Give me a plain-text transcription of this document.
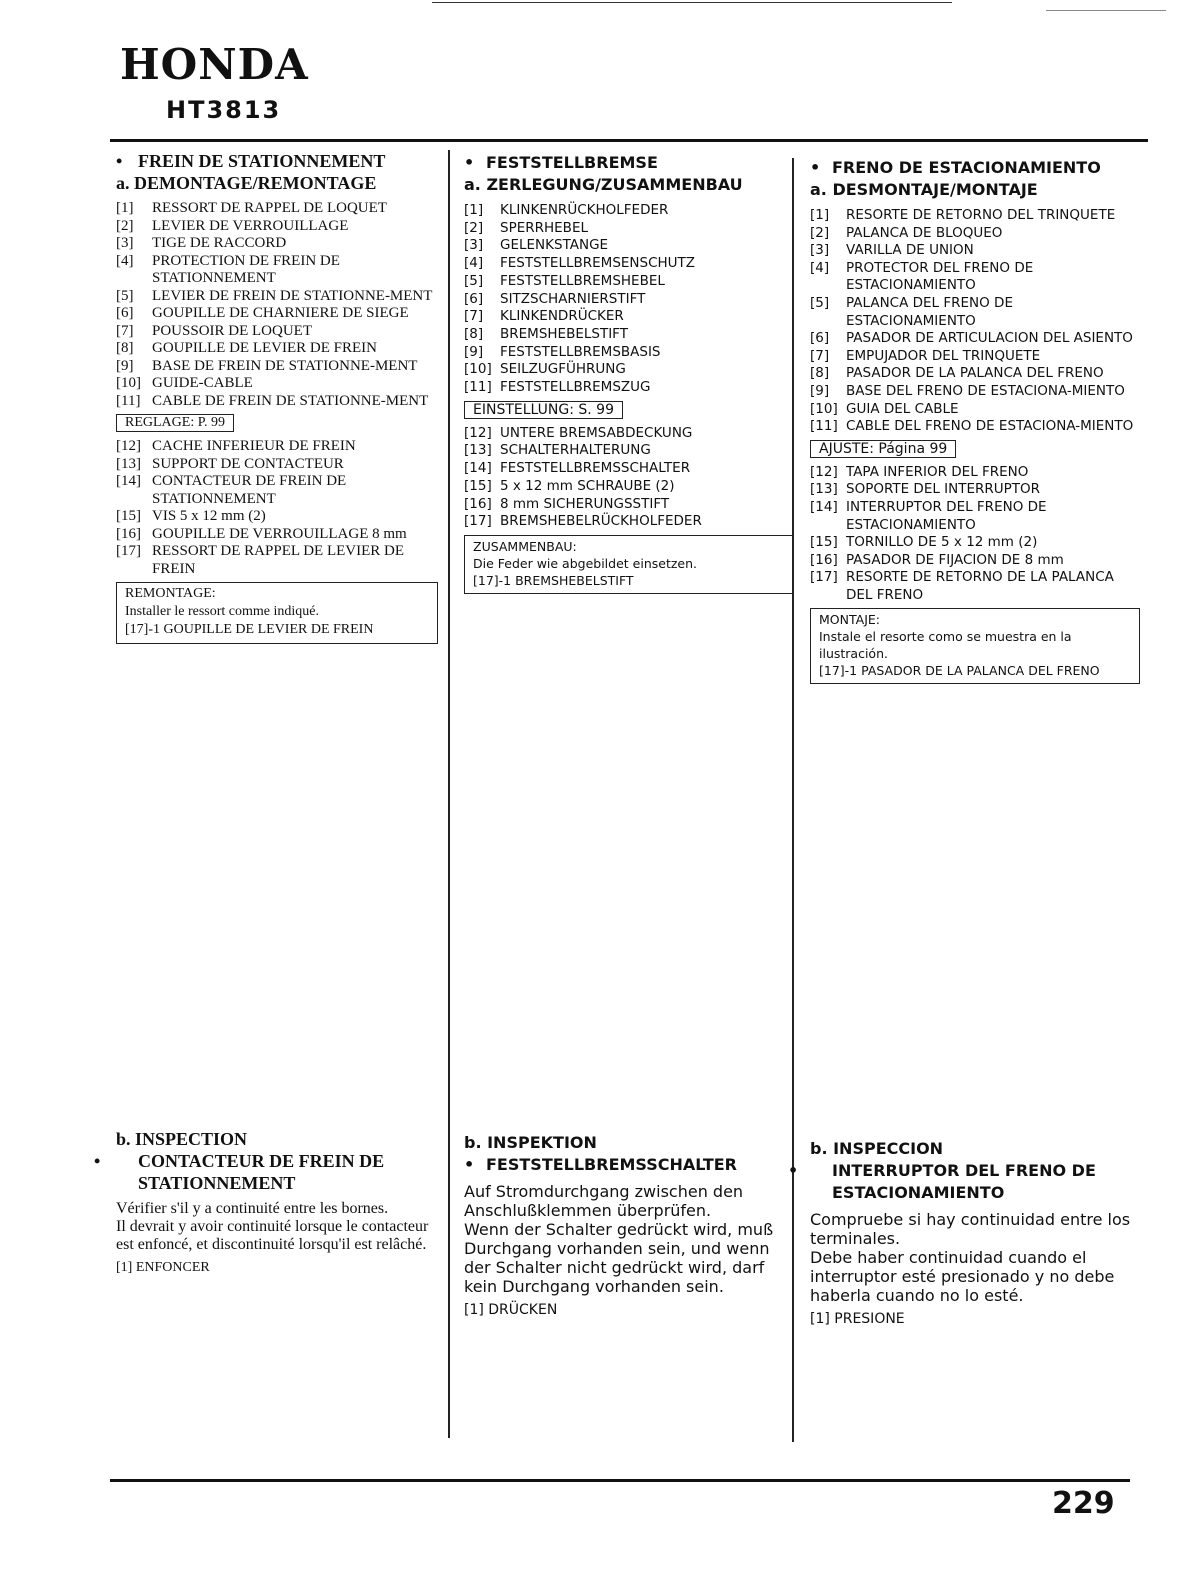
HONDA
HT3813

• FREIN DE STATIONNEMENT

a. DEMONTAGE/REMONTAGE

[1] RESSORT DE RAPPEL DE LOQUET
[2] LEVIER DE VERROUILLAGE
[3] TIGE DE RACCORD
[4] PROTECTION DE FREIN DE STATIONNEMENT
[5] LEVIER DE FREIN DE STATIONNE-MENT
[6] GOUPILLE DE CHARNIERE DE SIEGE
[7] POUSSOIR DE LOQUET
[8] GOUPILLE DE LEVIER DE FREIN
[9] BASE DE FREIN DE STATIONNE-MENT
[10] GUIDE-CABLE
[11] CABLE DE FREIN DE STATIONNE-MENT
REGLAGE: P. 99
[12] CACHE INFERIEUR DE FREIN
[13] SUPPORT DE CONTACTEUR
[14] CONTACTEUR DE FREIN DE STATIONNEMENT
[15] VIS 5 x 12 mm (2)
[16] GOUPILLE DE VERROUILLAGE 8 mm
[17] RESSORT DE RAPPEL DE LEVIER DE FREIN

REMONTAGE:

Installer le ressort comme indiqué.

[17]-1 GOUPILLE DE LEVIER DE FREIN

b. INSPECTION

• CONTACTEUR DE FREIN DE STATIONNEMENT

Vérifier s'il y a continuité entre les bornes.

Il devrait y avoir continuité lorsque le contacteur est enfoncé, et discontinuité lorsqu'il est relâché.

[1] ENFONCER

• FESTSTELLBREMSE

a. ZERLEGUNG/ZUSAMMENBAU

[1] KLINKENRÜCKHOLFEDER
[2] SPERRHEBEL
[3] GELENKSTANGE
[4] FESTSTELLBREMSENSCHUTZ
[5] FESTSTELLBREMSHEBEL
[6] SITZSCHARNIERSTIFT
[7] KLINKENDRÜCKER
[8] BREMSHEBELSTIFT
[9] FESTSTELLBREMSBASIS
[10] SEILZUGFÜHRUNG
[11] FESTSTELLBREMSZUG
EINSTELLUNG: S. 99
[12] UNTERE BREMSABDECKUNG
[13] SCHALTERHALTERUNG
[14] FESTSTELLBREMSSCHALTER
[15] 5 x 12 mm SCHRAUBE (2)
[16] 8 mm SICHERUNGSSTIFT
[17] BREMSHEBELRÜCKHOLFEDER

ZUSAMMENBAU:

Die Feder wie abgebildet einsetzen.

[17]-1 BREMSHEBELSTIFT

b. INSPEKTION

• FESTSTELLBREMSSCHALTER

Auf Stromdurchgang zwischen den Anschlußklemmen überprüfen.

Wenn der Schalter gedrückt wird, muß Durchgang vorhanden sein, und wenn der Schalter nicht gedrückt wird, darf kein Durchgang vorhanden sein.

[1] DRÜCKEN

• FRENO DE ESTACIONAMIENTO

a. DESMONTAJE/MONTAJE

[1] RESORTE DE RETORNO DEL TRINQUETE
[2] PALANCA DE BLOQUEO
[3] VARILLA DE UNION
[4] PROTECTOR DEL FRENO DE ESTACIONAMIENTO
[5] PALANCA DEL FRENO DE ESTACIONAMIENTO
[6] PASADOR DE ARTICULACION DEL ASIENTO
[7] EMPUJADOR DEL TRINQUETE
[8] PASADOR DE LA PALANCA DEL FRENO
[9] BASE DEL FRENO DE ESTACIONA-MIENTO
[10] GUIA DEL CABLE
[11] CABLE DEL FRENO DE ESTACIONA-MIENTO
AJUSTE: Página 99
[12] TAPA INFERIOR DEL FRENO
[13] SOPORTE DEL INTERRUPTOR
[14] INTERRUPTOR DEL FRENO DE ESTACIONAMIENTO
[15] TORNILLO DE 5 x 12 mm (2)
[16] PASADOR DE FIJACION DE 8 mm
[17] RESORTE DE RETORNO DE LA PALANCA DEL FRENO

MONTAJE:

Instale el resorte como se muestra en la ilustración.

[17]-1 PASADOR DE LA PALANCA DEL FRENO

b. INSPECCION

• INTERRUPTOR DEL FRENO DE ESTACIONAMIENTO

Compruebe si hay continuidad entre los terminales.

Debe haber continuidad cuando el interruptor esté presionado y no debe haberla cuando no lo esté.

[1] PRESIONE

229
